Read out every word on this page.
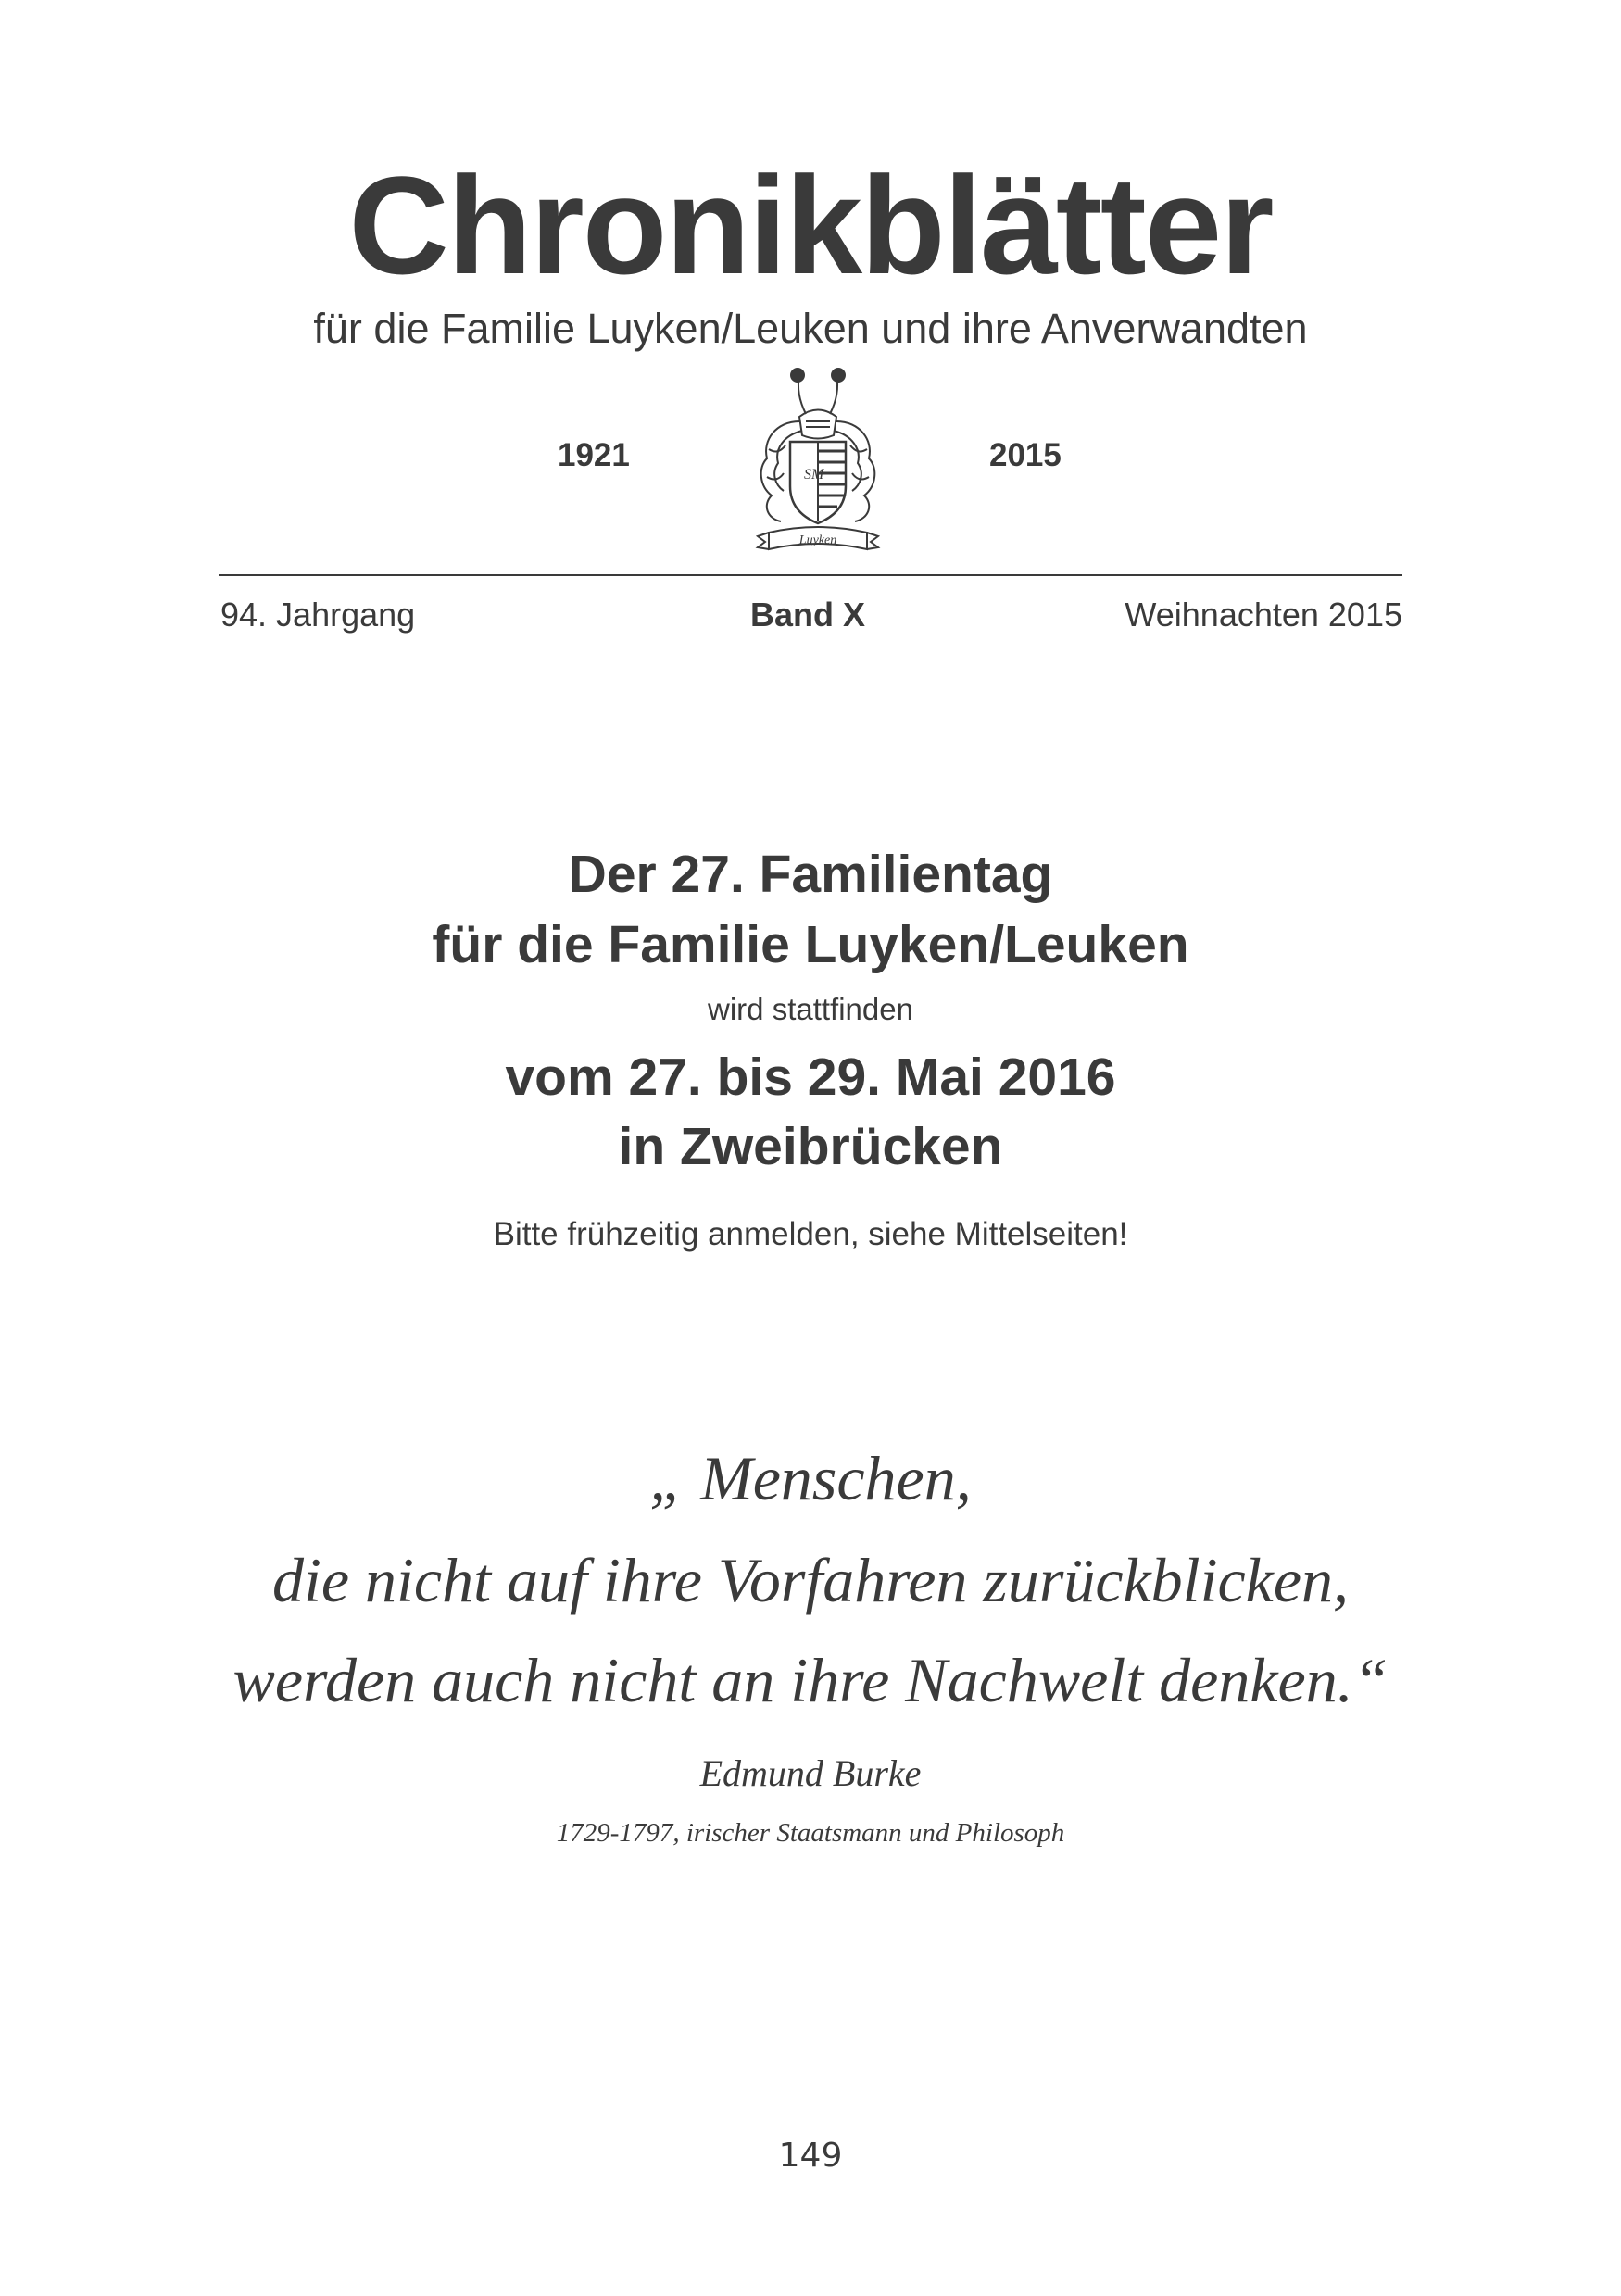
Chronikblätter
für die Familie Luyken/Leuken und ihre Anverwandten
1921
SM
Luyken
2015
94. Jahrgang	Band X	Weihnachten 2015
Der 27. Familientag
für die Familie Luyken/Leuken
wird stattfinden
vom 27. bis 29. Mai 2016
in Zweibrücken
Bitte frühzeitig anmelden, siehe Mittelseiten!
„ Menschen,
die nicht auf ihre Vorfahren zurückblicken,
werden auch nicht an ihre Nachwelt denken.“
Edmund Burke
1729-1797, irischer Staatsmann und Philosoph
149
